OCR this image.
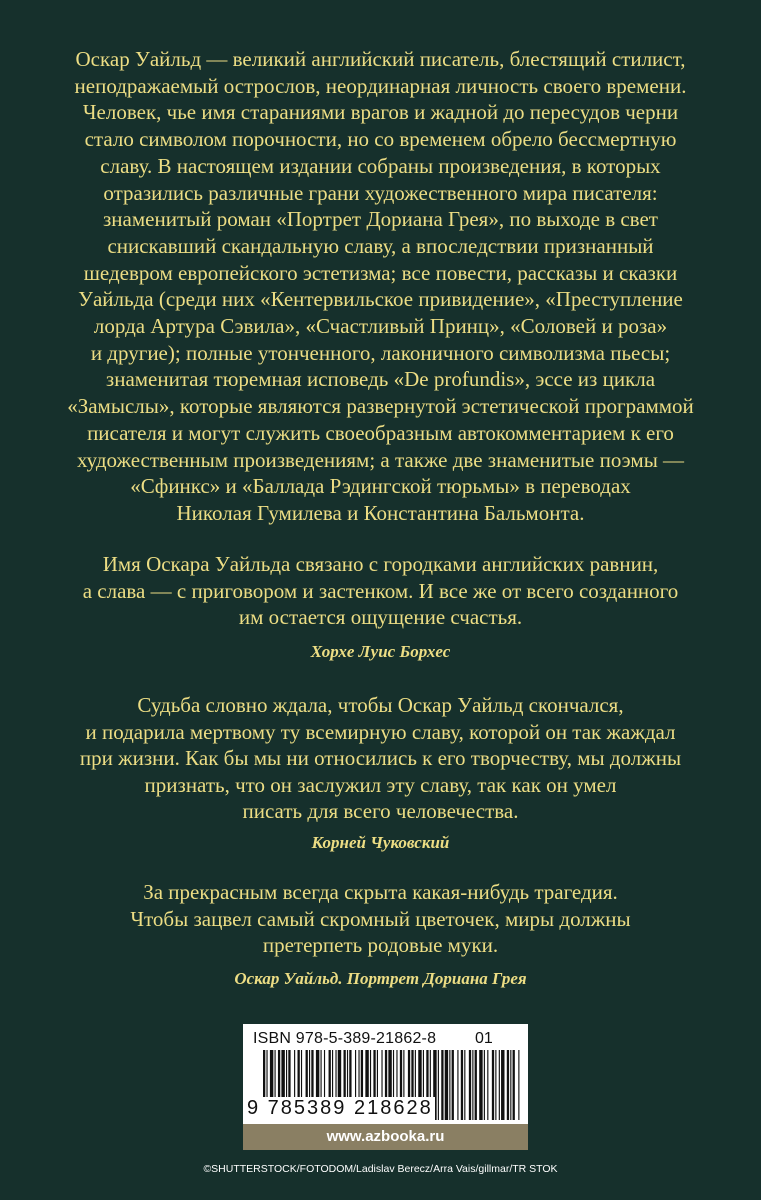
Оскар Уайльд — великий английский писатель, блестящий стилист,

неподражаемый острослов, неординарная личность своего времени.

Человек, чье имя стараниями врагов и жадной до пересудов черни

стало символом порочности, но со временем обрело бессмертную

славу. В настоящем издании собраны произведения, в которых

отразились различные грани художественного мира писателя:

знаменитый роман «Портрет Дориана Грея», по выходе в свет

снискавший скандальную славу, а впоследствии признанный

шедевром европейского эстетизма; все повести, рассказы и сказки

Уайльда (среди них «Кентервильское привидение», «Преступление

лорда Артура Сэвила», «Счастливый Принц», «Соловей и роза»

и другие); полные утонченного, лаконичного символизма пьесы;

знаменитая тюремная исповедь «De profundis», эссе из цикла

«Замыслы», которые являются развернутой эстетической программой

писателя и могут служить своеобразным автокомментарием к его

художественным произведениям; а также две знаменитые поэмы —

«Сфинкс» и «Баллада Рэдингской тюрьмы» в переводах

Николая Гумилева и Константина Бальмонта.

Имя Оскара Уайльда связано с городками английских равнин,

а слава — с приговором и застенком. И все же от всего созданного

им остается ощущение счастья.

Хорхе Луис Борхес

Судьба словно ждала, чтобы Оскар Уайльд скончался,

и подарила мертвому ту всемирную славу, которой он так жаждал

при жизни. Как бы мы ни относились к его творчеству, мы должны

признать, что он заслужил эту славу, так как он умел

писать для всего человечества.

Корней Чуковский

За прекрасным всегда скрыта какая-нибудь трагедия.

Чтобы зацвел самый скромный цветочек, миры должны

претерпеть родовые муки.

Оскар Уайльд. Портрет Дориана Грея
ISBN 978-5-389-21862-8 01
9 785389 218628
www.azbooka.ru
©SHUTTERSTOCK/FOTODOM/Ladislav Berecz/Arra Vais/gillmar/TR STOK
